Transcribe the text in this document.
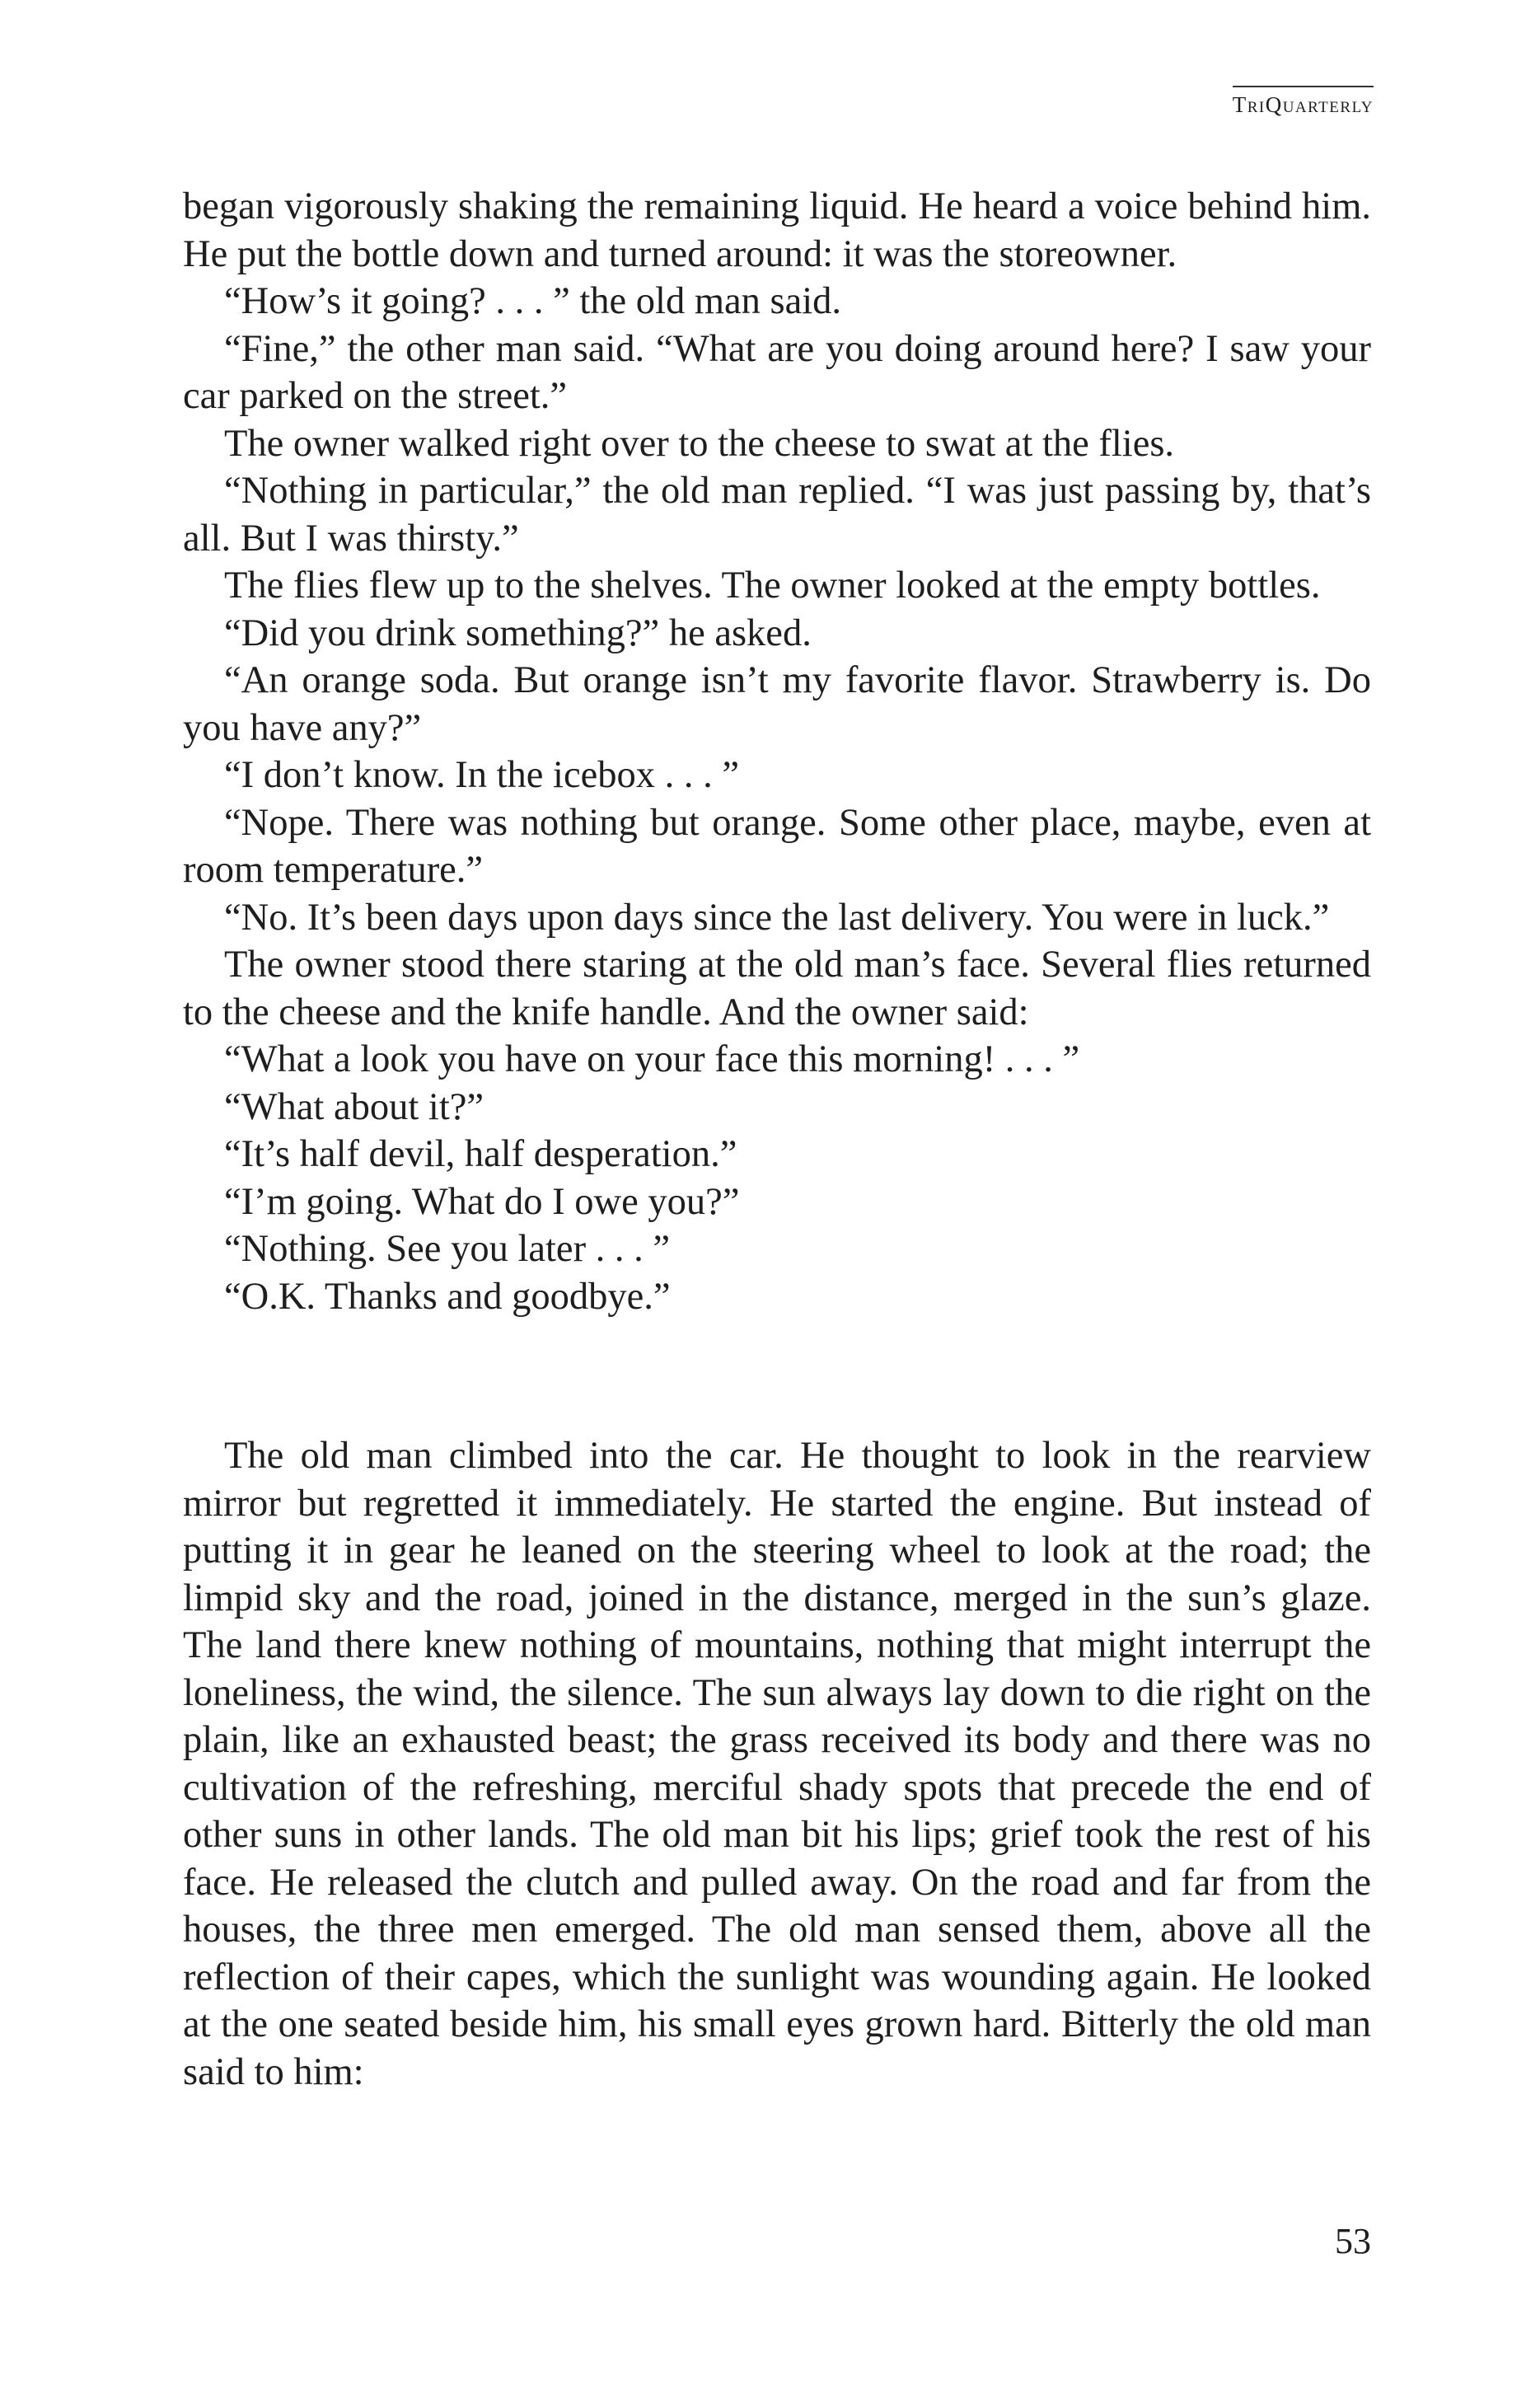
TriQuarterly

began vigorously shaking the remaining liquid. He heard a voice behind him. He put the bottle down and turned around: it was the storeowner.

“How’s it going? . . . ” the old man said.

“Fine,” the other man said. “What are you doing around here? I saw your car parked on the street.”

The owner walked right over to the cheese to swat at the flies.

“Nothing in particular,” the old man replied. “I was just passing by, that’s all. But I was thirsty.”

The flies flew up to the shelves. The owner looked at the empty bottles.

“Did you drink something?” he asked.

“An orange soda. But orange isn’t my favorite flavor. Strawberry is. Do you have any?”

“I don’t know. In the icebox . . . ”

“Nope. There was nothing but orange. Some other place, maybe, even at room temperature.”

“No. It’s been days upon days since the last delivery. You were in luck.”

The owner stood there staring at the old man’s face. Several flies returned to the cheese and the knife handle. And the owner said:

“What a look you have on your face this morning! . . . ”

“What about it?”

“It’s half devil, half desperation.”

“I’m going. What do I owe you?”

“Nothing. See you later . . . ”

“O.K. Thanks and goodbye.”

The old man climbed into the car. He thought to look in the rearview mirror but regretted it immediately. He started the engine. But instead of putting it in gear he leaned on the steering wheel to look at the road; the limpid sky and the road, joined in the distance, merged in the sun’s glaze. The land there knew nothing of mountains, nothing that might interrupt the loneliness, the wind, the silence. The sun always lay down to die right on the plain, like an exhausted beast; the grass received its body and there was no cultivation of the refreshing, merciful shady spots that precede the end of other suns in other lands. The old man bit his lips; grief took the rest of his face. He released the clutch and pulled away. On the road and far from the houses, the three men emerged. The old man sensed them, above all the reflection of their capes, which the sunlight was wounding again. He looked at the one seated beside him, his small eyes grown hard. Bitterly the old man said to him:

53
